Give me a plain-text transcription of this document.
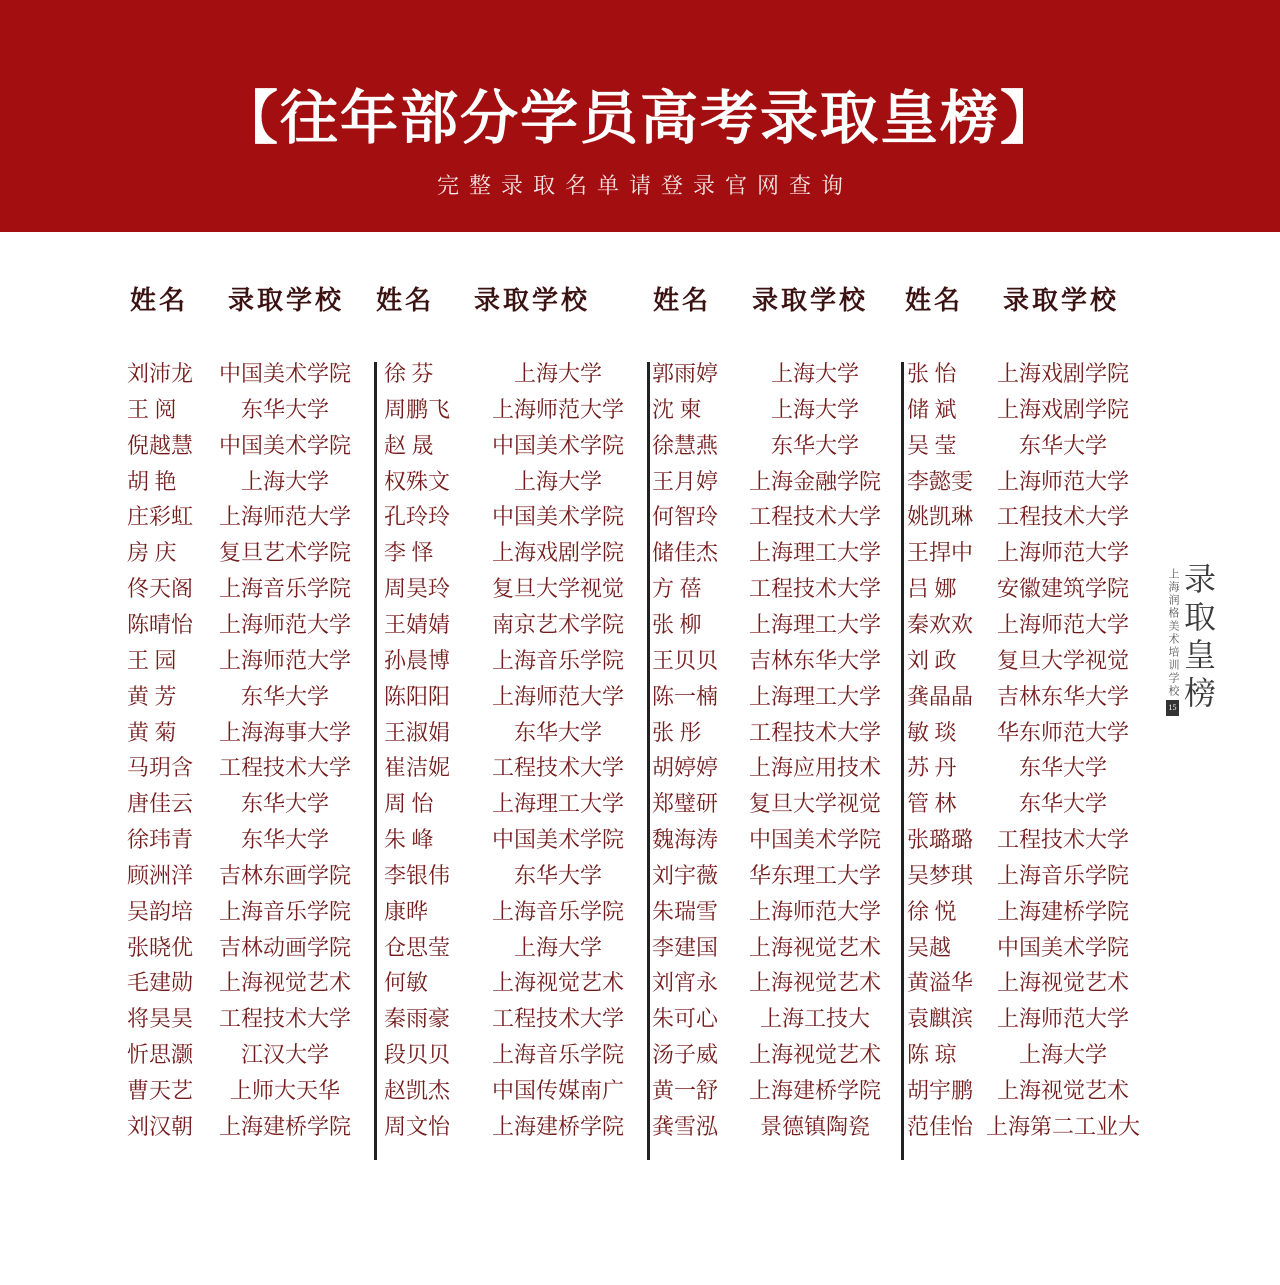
【往年部分学员高考录取皇榜】
完整录取名单请登录官网查询
姓名 录取学校 姓名 录取学校 姓名 录取学校 姓名 录取学校
刘沛龙	中国美术学院
王 阅	东华大学
倪越慧	中国美术学院
胡 艳	上海大学
庄彩虹	上海师范大学
房 庆	复旦艺术学院
佟天阁	上海音乐学院
陈晴怡	上海师范大学
王 园	上海师范大学
黄 芳	东华大学
黄 菊	上海海事大学
马玥含	工程技术大学
唐佳云	东华大学
徐玮青	东华大学
顾洲洋	吉林东画学院
吴韵培	上海音乐学院
张晓优	吉林动画学院
毛建勋	上海视觉艺术
将昊昊	工程技术大学
忻思灏	江汉大学
曹天艺	上师大天华
刘汉朝	上海建桥学院
徐 芬	上海大学
周鹏飞	上海师范大学
赵 晟	中国美术学院
权殊文	上海大学
孔玲玲	中国美术学院
李 怿	上海戏剧学院
周昊玲	复旦大学视觉
王婧婧	南京艺术学院
孙晨博	上海音乐学院
陈阳阳	上海师范大学
王淑娟	东华大学
崔洁妮	工程技术大学
周 怡	上海理工大学
朱 峰	中国美术学院
李银伟	东华大学
康晔	上海音乐学院
仓思莹	上海大学
何敏	上海视觉艺术
秦雨豪	工程技术大学
段贝贝	上海音乐学院
赵凯杰	中国传媒南广
周文怡	上海建桥学院
郭雨婷	上海大学
沈 柬	上海大学
徐慧燕	东华大学
王月婷	上海金融学院
何智玲	工程技术大学
储佳杰	上海理工大学
方 蓓	工程技术大学
张 柳	上海理工大学
王贝贝	吉林东华大学
陈一楠	上海理工大学
张 彤	工程技术大学
胡婷婷	上海应用技术
郑璧研	复旦大学视觉
魏海涛	中国美术学院
刘宇薇	华东理工大学
朱瑞雪	上海师范大学
李建国	上海视觉艺术
刘宵永	上海视觉艺术
朱可心	上海工技大
汤子威	上海视觉艺术
黄一舒	上海建桥学院
龚雪泓	景德镇陶瓷
张 怡	上海戏剧学院
储 斌	上海戏剧学院
吴 莹	东华大学
李懿雯	上海师范大学
姚凯琳	工程技术大学
王捍中	上海师范大学
吕 娜	安徽建筑学院
秦欢欢	上海师范大学
刘 政	复旦大学视觉
龚晶晶	吉林东华大学
敏 琰	华东师范大学
苏 丹	东华大学
管 林	东华大学
张璐璐	工程技术大学
吴梦琪	上海音乐学院
徐 悦	上海建桥学院
吴越	中国美术学院
黄溢华	上海视觉艺术
袁麒滨	上海师范大学
陈 琼	上海大学
胡宇鹏	上海视觉艺术
范佳怡 上海第二工业大
录取皇榜
上海润格美术培训学校
15
